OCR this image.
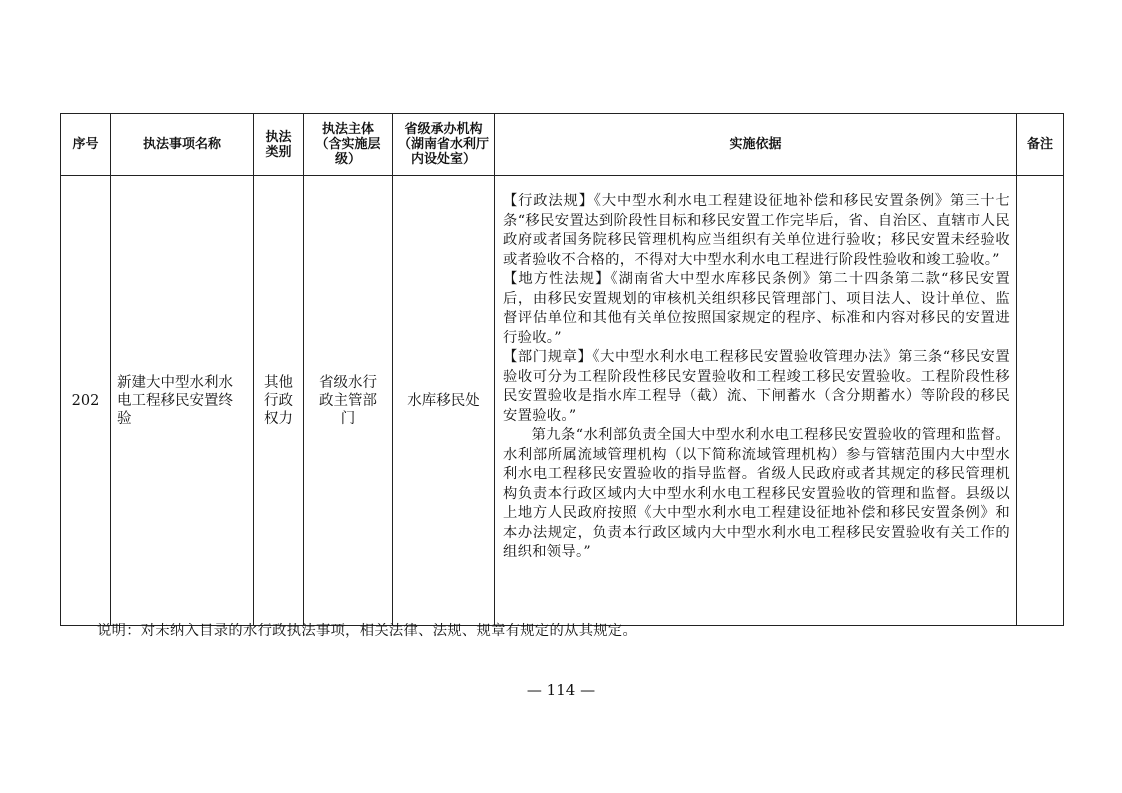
序号	执法事项名称	执法类别	执法主体（含实施层级）	省级承办机构（湖南省水利厅内设处室）	实施依据	备注
202	新建大中型水利水电工程移民安置终验	其他行政权力	省级水行政主管部门	水库移民处	【行政法规】《大中型水利水电工程建设征地补偿和移民安置条例》第三十七条“移民安置达到阶段性目标和移民安置工作完毕后，省、自治区、直辖市人民政府或者国务院移民管理机构应当组织有关单位进行验收；移民安置未经验收或者验收不合格的，不得对大中型水利水电工程进行阶段性验收和竣工验收。”

【地方性法规】《湖南省大中型水库移民条例》第二十四条第二款“移民安置后，由移民安置规划的审核机关组织移民管理部门、项目法人、设计单位、监督评估单位和其他有关单位按照国家规定的程序、标准和内容对移民的安置进行验收。”

【部门规章】《大中型水利水电工程移民安置验收管理办法》第三条“移民安置验收可分为工程阶段性移民安置验收和工程竣工移民安置验收。工程阶段性移民安置验收是指水库工程导（截）流、下闸蓄水（含分期蓄水）等阶段的移民安置验收。”

第九条“水利部负责全国大中型水利水电工程移民安置验收的管理和监督。水利部所属流域管理机构（以下简称流域管理机构）参与管辖范围内大中型水利水电工程移民安置验收的指导监督。省级人民政府或者其规定的移民管理机构负责本行政区域内大中型水利水电工程移民安置验收的管理和监督。县级以上地方人民政府按照《大中型水利水电工程建设征地补偿和移民安置条例》和本办法规定，负责本行政区域内大中型水利水电工程移民安置验收有关工作的组织和领导。”	

说明：对未纳入目录的水行政执法事项，相关法律、法规、规章有规定的从其规定。
— 114 —
